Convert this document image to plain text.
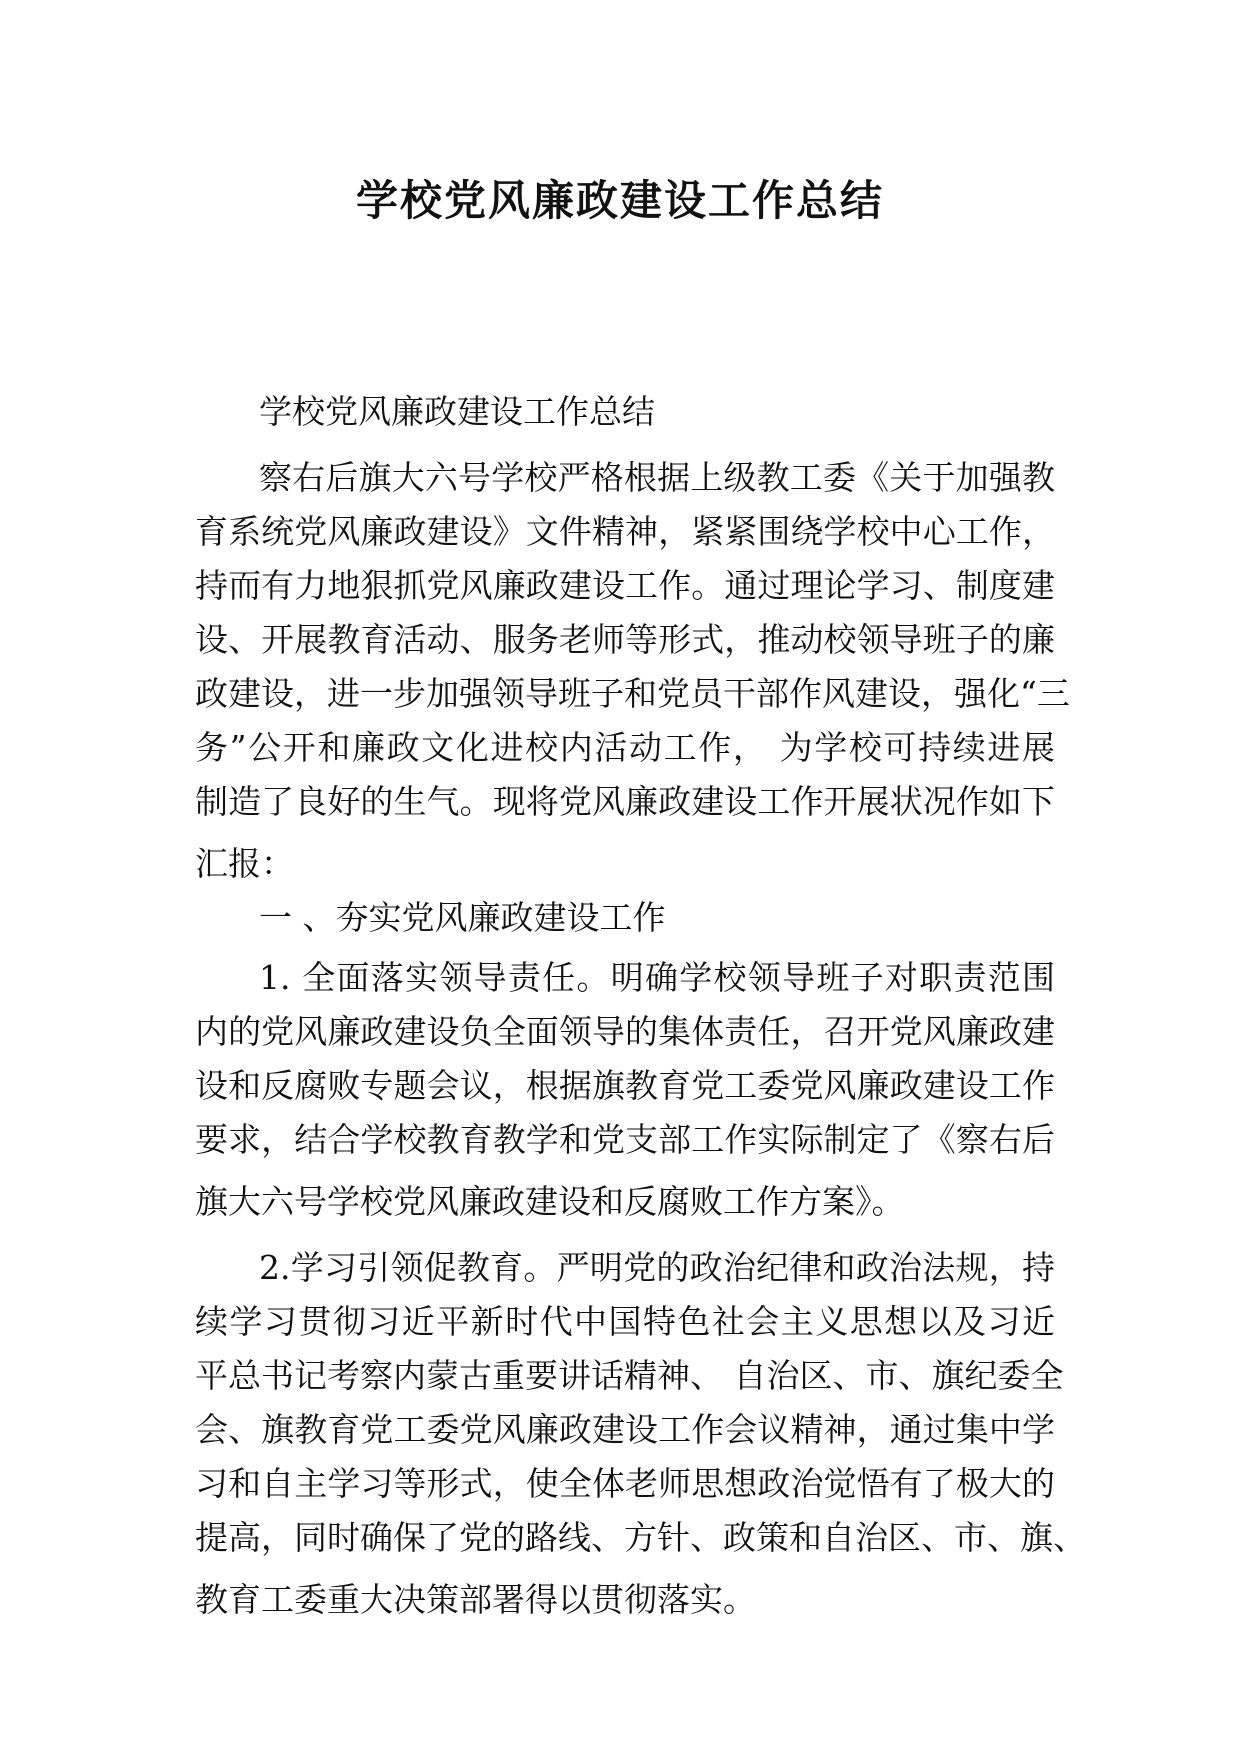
学校党风廉政建设工作总结
学校党风廉政建设工作总结
察右后旗大六号学校严格根据上级教工委《关于加强教
育系统党风廉政建设》文件精神，紧紧围绕学校中心工作，
持而有力地狠抓党风廉政建设工作。通过理论学习、制度建
设、开展教育活动、服务老师等形式，推动校领导班子的廉
政建设，进一步加强领导班子和党员干部作风建设，强化“三
务”公开和廉政文化进校内活动工作， 为学校可持续进展
制造了良好的生气。现将党风廉政建设工作开展状况作如下
汇报：
一 、夯实党风廉政建设工作
1. 全面落实领导责任。明确学校领导班子对职责范围
内的党风廉政建设负全面领导的集体责任，召开党风廉政建
设和反腐败专题会议，根据旗教育党工委党风廉政建设工作
要求，结合学校教育教学和党支部工作实际制定了《察右后
旗大六号学校党风廉政建设和反腐败工作方案》。
2.学习引领促教育。严明党的政治纪律和政治法规，持
续学习贯彻习近平新时代中国特色社会主义思想以及习近
平总书记考察内蒙古重要讲话精神、 自治区、市、旗纪委全
会、旗教育党工委党风廉政建设工作会议精神，通过集中学
习和自主学习等形式，使全体老师思想政治觉悟有了极大的
提高，同时确保了党的路线、方针、政策和自治区、市、旗、
教育工委重大决策部署得以贯彻落实。
